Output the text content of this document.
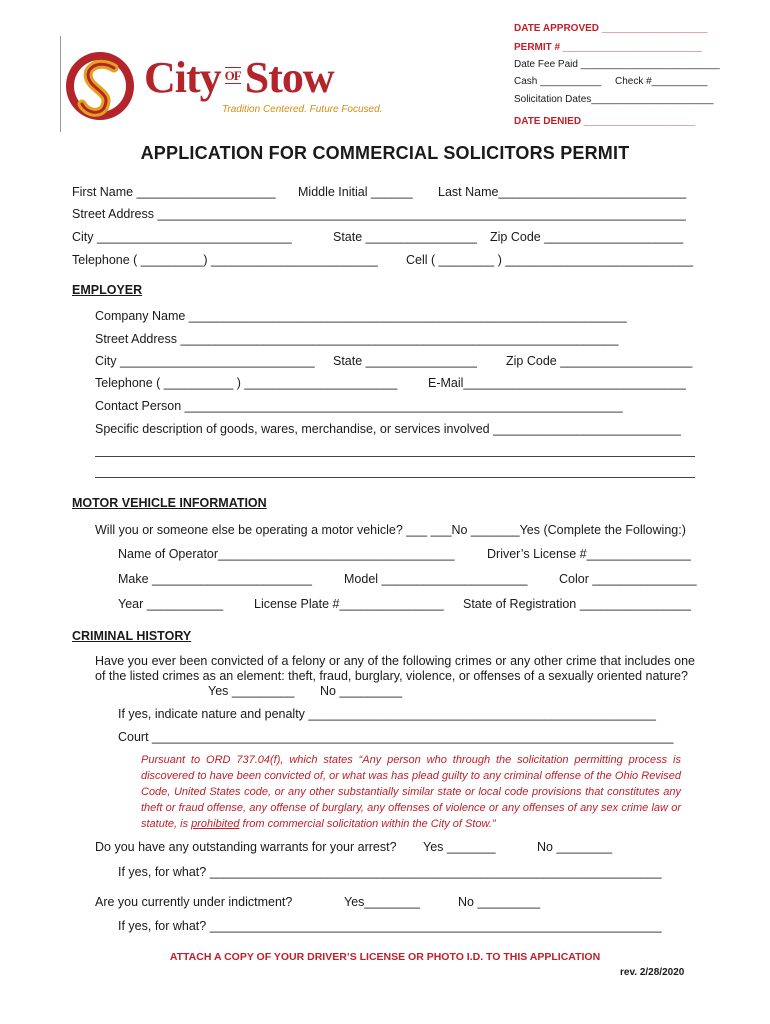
City $^{OF}$Stow
Tradition Centered. Future Focused.
DATE APPROVED ___________________
PERMIT # _________________________
Date Fee Paid _________________________
Cash ___________ Check #__________
Solicitation Dates______________________
DATE DENIED ____________________
APPLICATION FOR COMMERCIAL SOLICITORS PERMIT
First Name ____________________ Middle Initial ______ Last Name___________________________
Street Address ____________________________________________________________________________
City ____________________________	State ________________ Zip Code ____________________
Telephone ( _________) ________________________ Cell ( ________ ) ___________________________
EMPLOYER
Company Name _______________________________________________________________
Street Address _______________________________________________________________
City ____________________________ State ________________ Zip Code ___________________
Telephone ( __________ ) ______________________ E-Mail________________________________
Contact Person _______________________________________________________________
Specific description of goods, wares, merchandise, or services involved ___________________________
MOTOR VEHICLE INFORMATION
Will you or someone else be operating a motor vehicle? ___ ___No _______Yes (Complete the Following:)
Name of Operator__________________________________	Driver’s License #_______________
Make _______________________	Model _____________________	Color _______________
Year ___________ License Plate #_______________ State of Registration ________________
CRIMINAL HISTORY
Have you ever been convicted of a felony or any of the following crimes or any other crime that includes one of the listed crimes as an element: theft, fraud, burglary, violence, or offenses of a sexually oriented nature?
Yes _________ No _________
If yes, indicate nature and penalty __________________________________________________
Court ___________________________________________________________________________
Pursuant to ORD 737.04(f), which states “Any person who through the solicitation permitting process is discovered to have been convicted of, or what was has plead guilty to any criminal offense of the Ohio Revised Code, United States code, or any other substantially similar state or local code provisions that constitutes any theft or fraud offense, any offense of burglary, any offenses of violence or any offenses of any sex crime law or statute, is prohibited from commercial solicitation within the City of Stow.”
Do you have any outstanding warrants for your arrest? Yes _______	No ________
If yes, for what? _________________________________________________________________
Are you currently under indictment?	Yes________	No _________
If yes, for what? _________________________________________________________________
ATTACH A COPY OF YOUR DRIVER’S LICENSE OR PHOTO I.D. TO THIS APPLICATION
rev. 2/28/2020
